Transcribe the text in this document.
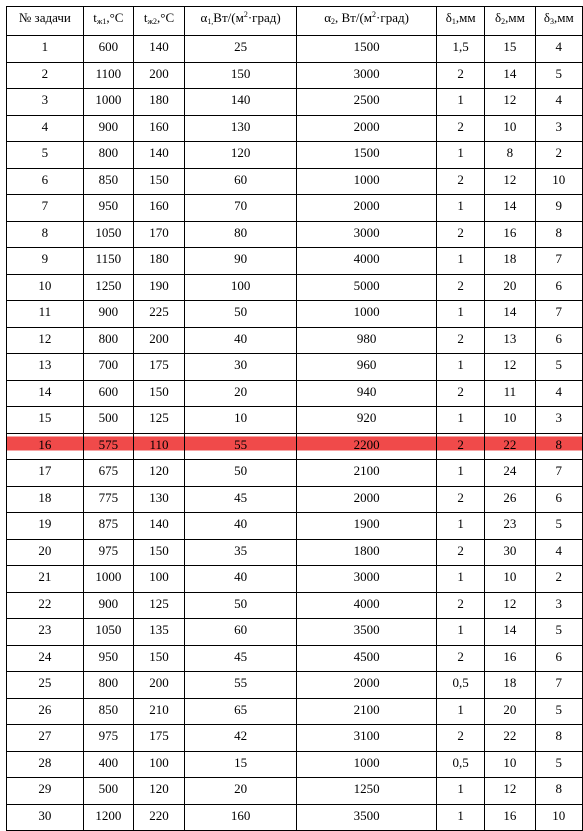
№ задачи	$t_{ж1},^\circ С$	$t_{ж2},^\circ С$	$\alpha_{1,}Вт/(м^2\cdot град)$	$\alpha_2$, $Вт/(м^2\cdot град)$	$\delta_1,мм$	$\delta_2,мм$	$\delta_3,мм$
1	600	140	25	1500	1,5	15	4
2	1100	200	150	3000	2	14	5
3	1000	180	140	2500	1	12	4
4	900	160	130	2000	2	10	3
5	800	140	120	1500	1	8	2
6	850	150	60	1000	2	12	10
7	950	160	70	2000	1	14	9
8	1050	170	80	3000	2	16	8
9	1150	180	90	4000	1	18	7
10	1250	190	100	5000	2	20	6
11	900	225	50	1000	1	14	7
12	800	200	40	980	2	13	6
13	700	175	30	960	1	12	5
14	600	150	20	940	2	11	4
15	500	125	10	920	1	10	3
16	575	110	55	2200	2	22	8
17	675	120	50	2100	1	24	7
18	775	130	45	2000	2	26	6
19	875	140	40	1900	1	23	5
20	975	150	35	1800	2	30	4
21	1000	100	40	3000	1	10	2
22	900	125	50	4000	2	12	3
23	1050	135	60	3500	1	14	5
24	950	150	45	4500	2	16	6
25	800	200	55	2000	0,5	18	7
26	850	210	65	2100	1	20	5
27	975	175	42	3100	2	22	8
28	400	100	15	1000	0,5	10	5
29	500	120	20	1250	1	12	8
30	1200	220	160	3500	1	16	10
